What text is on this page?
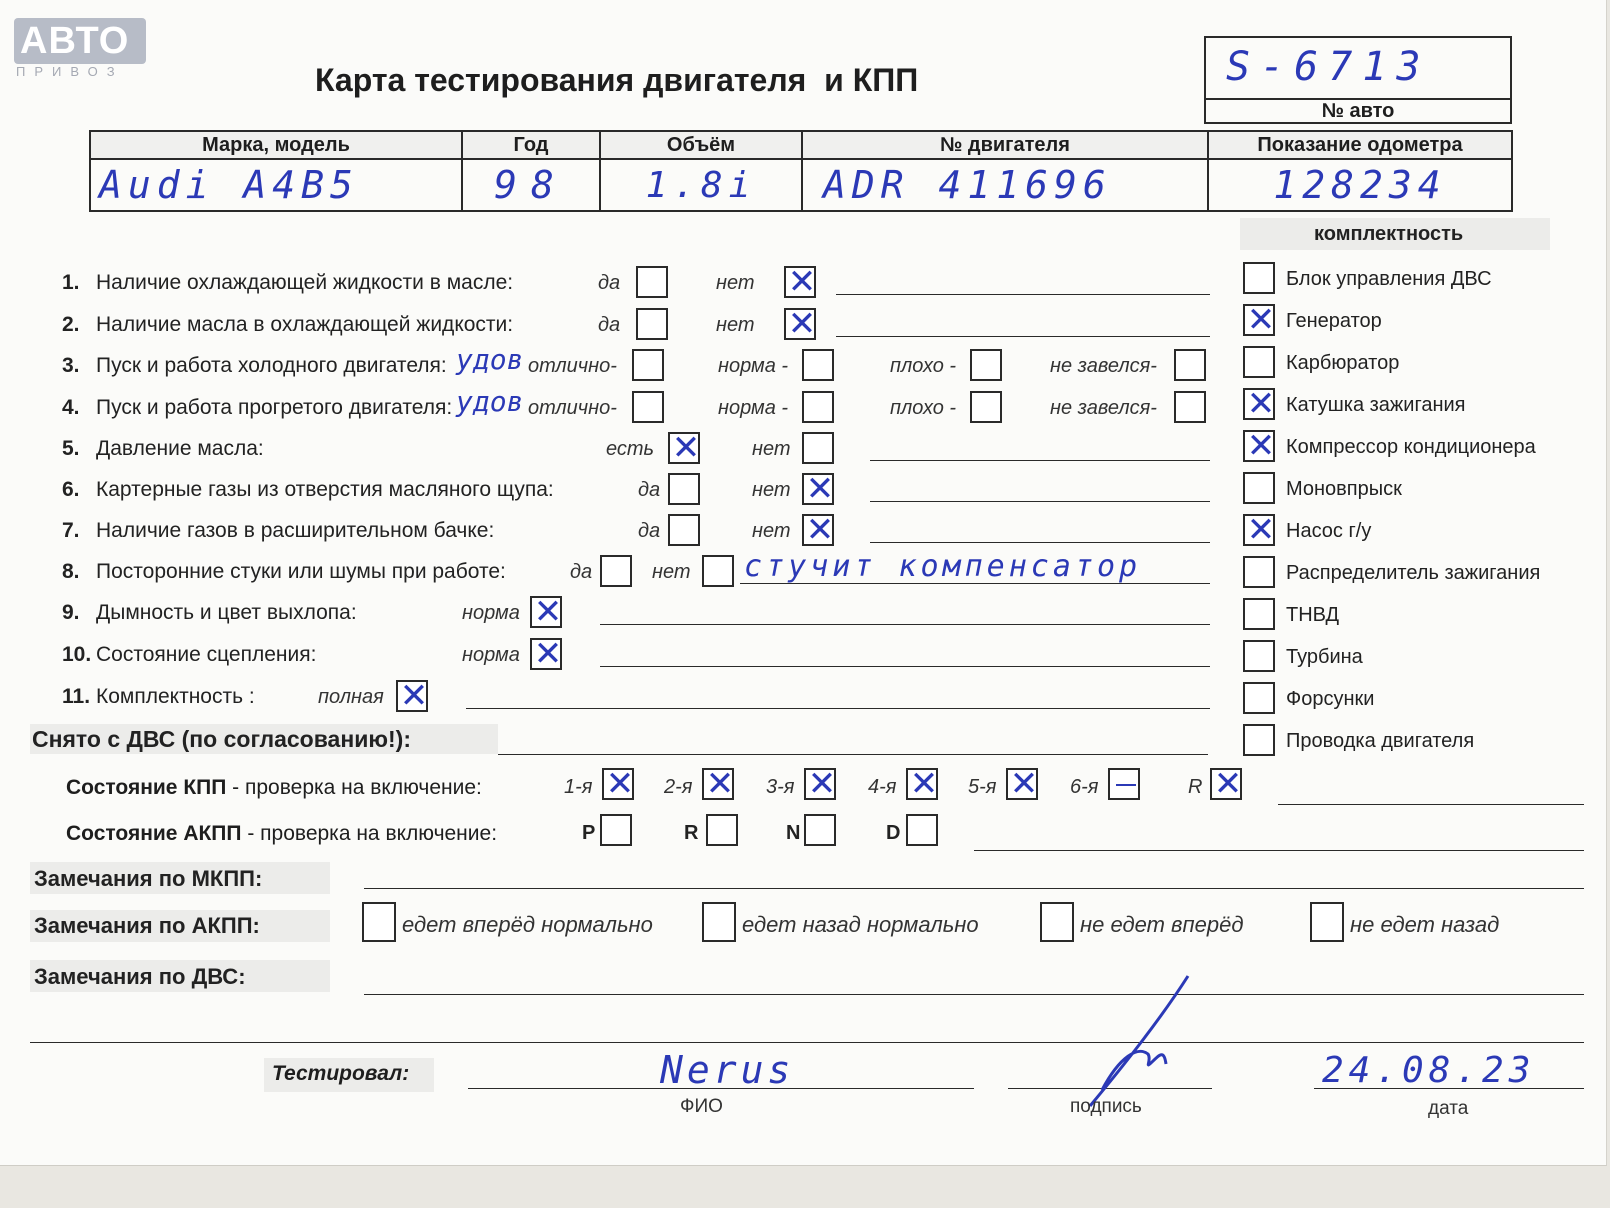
АВТО
ПРИВОЗ	Карта тестирования двигателя  и КПП	S-6713
№ авто
Марка, модель	Год	Объём	№ двигателя	Показание одометра
Audi A4B5	98	1.8i	ADR 411696	128234
комплектность
1. Наличие охлаждающей жидкости в масле:	да	нет ✕
2. Наличие масла в охлаждающей жидкости:	да	нет ✕
3. Пуск и работа холодного двигателя:	отлично-	норма -	плохо -	не завелся-
удов
4. Пуск и работа прогретого двигателя:	отлично-	норма -	плохо -	не завелся-
удов
5. Давление масла:	есть ✕	нет
6. Картерные газы из отверстия масляного щупа:	да	нет ✕
7. Наличие газов в расширительном бачке:	да	нет ✕
8. Посторонние стуки или шумы при работе:	да	нет стучит компенсатор
9. Дымность и цвет выхлопа:	норма ✕
10. Состояние сцепления:	норма ✕
11. Комплектность :	полная ✕
Блок управления ДВС
✕ Генератор
Карбюратор
✕ Катушка зажигания
✕ Компрессор кондиционера
Моновпрыск
✕ Насос г/у
Распределитель зажигания
ТНВД
Турбина
Форсунки
Проводка двигателя
Снято с ДВС (по согласованию!):
Состояние КПП - проверка на включение:	1-я ✕ 2-я ✕ 3-я ✕ 4-я ✕ 5-я ✕ 6-я	R ✕
Состояние АКПП - проверка на включение:	P	R	N	D
Замечания по МКПП:
Замечания по АКПП:	едет вперёд нормально	едет назад нормально	не едет вперёд	не едет назад
Замечания по ДВС:
Тестировал:	Nerus
ФИО	подпись
24.08.23
дата
